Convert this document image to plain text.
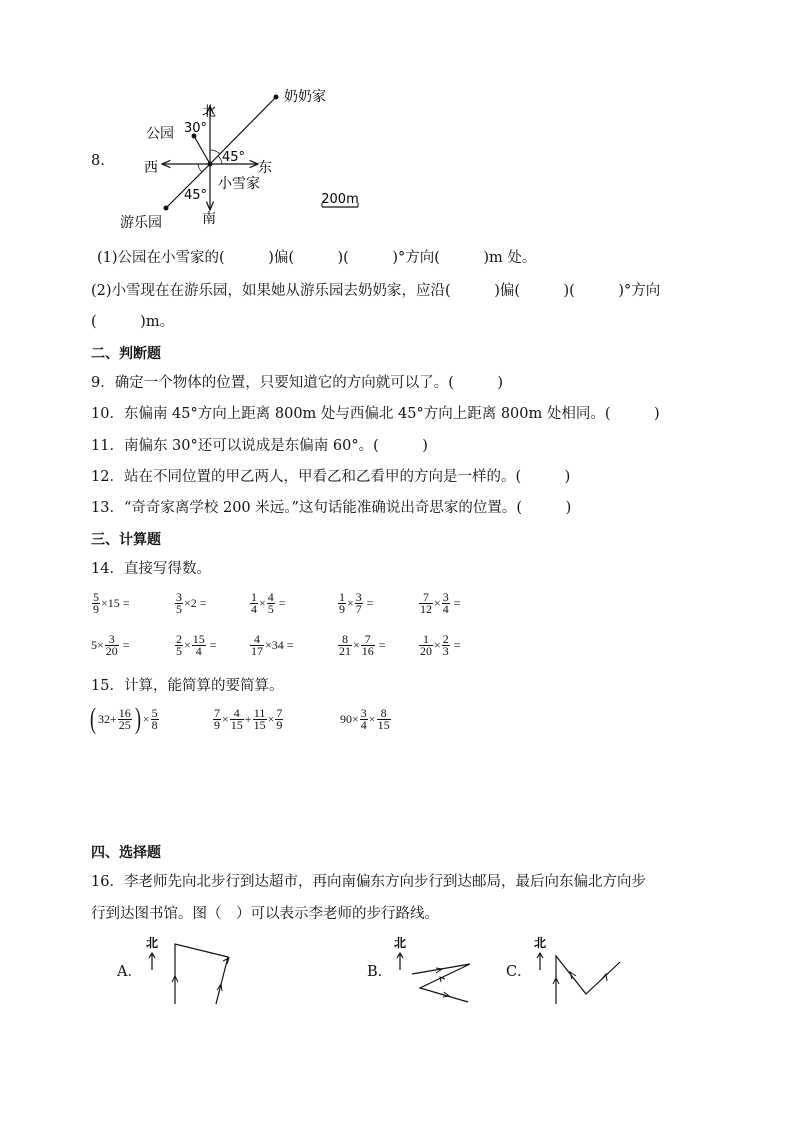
8.
北
南
东
西
公园
奶奶家
小雪家
游乐园
30°
45°
45°	200m
(1)公园在小雪家的(　　　)偏(　　　)(　　　)°方向(　　　)m 处。
(2)小雪现在在游乐园，如果她从游乐园去奶奶家，应沿(　　　)偏(　　　)(　　　)°方向
(　　　)m。
二、判断题
9．确定一个物体的位置，只要知道它的方向就可以了。(　　　)
10．东偏南 45°方向上距离 800m 处与西偏北 45°方向上距离 800m 处相同。(　　　)
11．南偏东 30°还可以说成是东偏南 60°。(　　　)
12．站在不同位置的甲乙两人，甲看乙和乙看甲的方向是一样的。(　　　)
13．“奇奇家离学校 200 米远。”这句话能准确说出奇思家的位置。(　　　)
三、计算题
14．直接写得数。
$\frac{5}{9} \times 15$ =	$\frac{3}{5} \times 2$ =	$\frac{1}{4} \times \frac{4}{5}$ =	$\frac{1}{9} \times \frac{3}{7}$ =	$\frac{7}{12} \times \frac{3}{4}$ =
$5 \times \frac{3}{20}$ =	$\frac{2}{5} \times \frac{15}{4}$ =	$\frac{4}{17} \times 34$ =	$\frac{8}{21} \times \frac{7}{16}$ =	$\frac{1}{20} \times \frac{2}{3}$ =
15．计算，能简算的要简算。
( $32 + \frac{16}{25}$ ) × $\frac{5}{8}$	$\frac{7}{9} \times \frac{4}{15} + \frac{11}{15} \times \frac{7}{9}$	$90 \times \frac{3}{4} \times \frac{8}{15}$
四、选择题
16．李老师先向北步行到达超市，再向南偏东方向步行到达邮局，最后向东偏北方向步
行到达图书馆。图（　）可以表示李老师的步行路线。
A．
北
B．
北
C．
北
